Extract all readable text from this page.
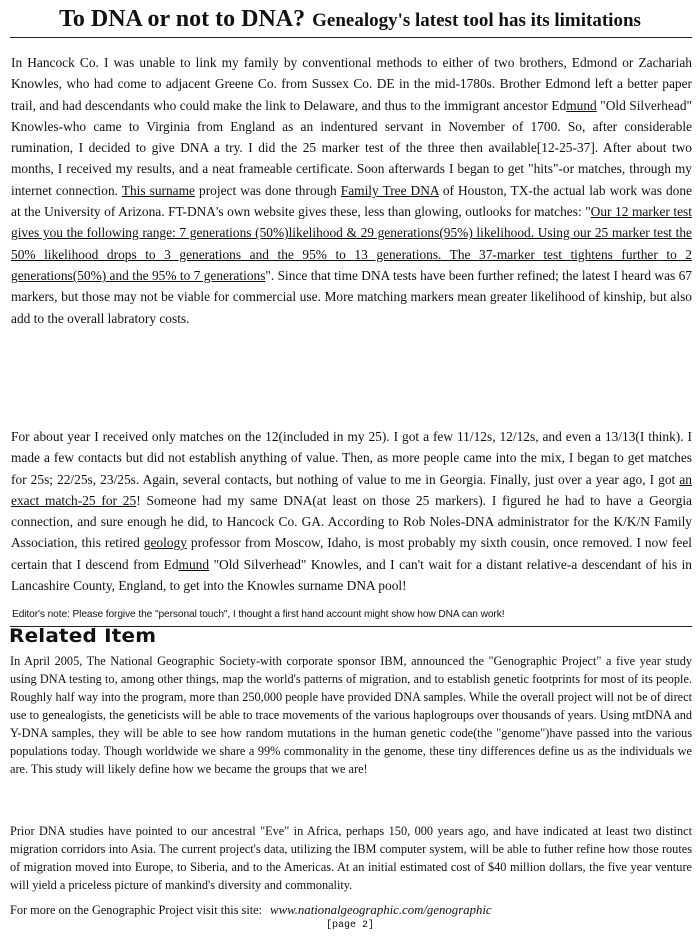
To DNA or not to DNA? Genealogy's latest tool has its limitations

In Hancock Co. I was unable to link my family by conventional methods to either of two brothers, Edmond or Zachariah Knowles, who had come to adjacent Greene Co. from Sussex Co. DE in the mid-1780s. Brother Edmond left a better paper trail, and had descendants who could make the link to Delaware, and thus to the immigrant ancestor Edmund "Old Silverhead" Knowles-who came to Virginia from England as an indentured servant in November of 1700. So, after considerable rumination, I decided to give DNA a try. I did the 25 marker test of the three then available[12-25-37]. After about two months, I received my results, and a neat frameable certificate. Soon afterwards I began to get "hits"-or matches, through my internet connection. This surname project was done through Family Tree DNA of Houston, TX-the actual lab work was done at the University of Arizona. FT-DNA's own website gives these, less than glowing, outlooks for matches: "Our 12 marker test gives you the following range: 7 generations (50%)likelihood & 29 generations(95%) likelihood. Using our 25 marker test the 50% likelihood drops to 3 generations and the 95% to 13 generations. The 37-marker test tightens further to 2 generations(50%) and the 95% to 7 generations". Since that time DNA tests have been further refined; the latest I heard was 67 markers, but those may not be viable for commercial use. More matching markers mean greater likelihood of kinship, but also add to the overall labratory costs.

For about year I received only matches on the 12(included in my 25). I got a few 11/12s, 12/12s, and even a 13/13(I think). I made a few contacts but did not establish anything of value. Then, as more people came into the mix, I began to get matches for 25s; 22/25s, 23/25s. Again, several contacts, but nothing of value to me in Georgia. Finally, just over a year ago, I got an exact match-25 for 25! Someone had my same DNA(at least on those 25 markers). I figured he had to have a Georgia connection, and sure enough he did, to Hancock Co. GA. According to Rob Noles-DNA administrator for the K/K/N Family Association, this retired geology professor from Moscow, Idaho, is most probably my sixth cousin, once removed. I now feel certain that I descend from Edmund "Old Silverhead" Knowles, and I can't wait for a distant relative-a descendant of his in Lancashire County, England, to get into the Knowles surname DNA pool!

Editor's note: Please forgive the "personal touch", I thought a first hand account might show how DNA can work!
Related Item

In April 2005, The National Geographic Society-with corporate sponsor IBM, announced the "Genographic Project" a five year study using DNA testing to, among other things, map the world's patterns of migration, and to establish genetic footprints for most of its people. Roughly half way into the program, more than 250,000 people have provided DNA samples. While the overall project will not be of direct use to genealogists, the geneticists will be able to trace movements of the various haplogroups over thousands of years. Using mtDNA and Y-DNA samples, they will be able to see how random mutations in the human genetic code(the "genome")have passed into the various populations today. Though worldwide we share a 99% commonality in the genome, these tiny differences define us as the individuals we are. This study will likely define how we became the groups that we are!

Prior DNA studies have pointed to our ancestral "Eve" in Africa, perhaps 150, 000 years ago, and have indicated at least two distinct migration corridors into Asia. The current project's data, utilizing the IBM computer system, will be able to futher refine how those routes of migration moved into Europe, to Siberia, and to the Americas. At an initial estimated cost of $40 million dollars, the five year venture will yield a priceless picture of mankind's diversity and commonality.

For more on the Genographic Project visit this site: www.nationalgeographic.com/genographic
[page 2]
